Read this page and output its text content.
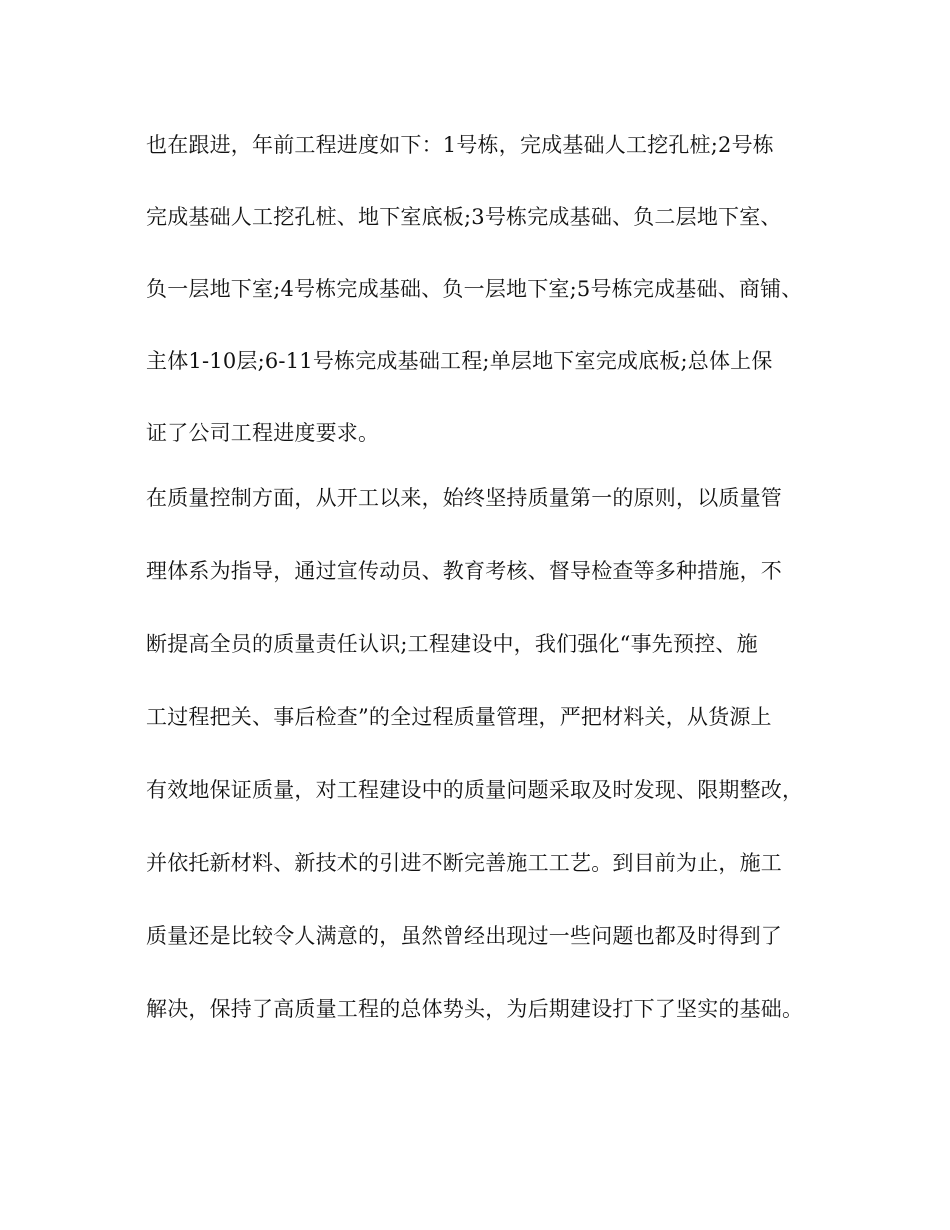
也在跟进，年前工程进度如下：1号栋，完成基础人工挖孔桩;2号栋
完成基础人工挖孔桩、地下室底板;3号栋完成基础、负二层地下室、
负一层地下室;4号栋完成基础、负一层地下室;5号栋完成基础、商铺、
主体1-10层;6-11号栋完成基础工程;单层地下室完成底板;总体上保
证了公司工程进度要求。
在质量控制方面，从开工以来，始终坚持质量第一的原则，以质量管
理体系为指导，通过宣传动员、教育考核、督导检查等多种措施，不
断提高全员的质量责任认识;工程建设中，我们强化“事先预控、施
工过程把关、事后检查”的全过程质量管理，严把材料关，从货源上
有效地保证质量，对工程建设中的质量问题采取及时发现、限期整改，
并依托新材料、新技术的引进不断完善施工工艺。到目前为止，施工
质量还是比较令人满意的，虽然曾经出现过一些问题也都及时得到了
解决，保持了高质量工程的总体势头，为后期建设打下了坚实的基础。
